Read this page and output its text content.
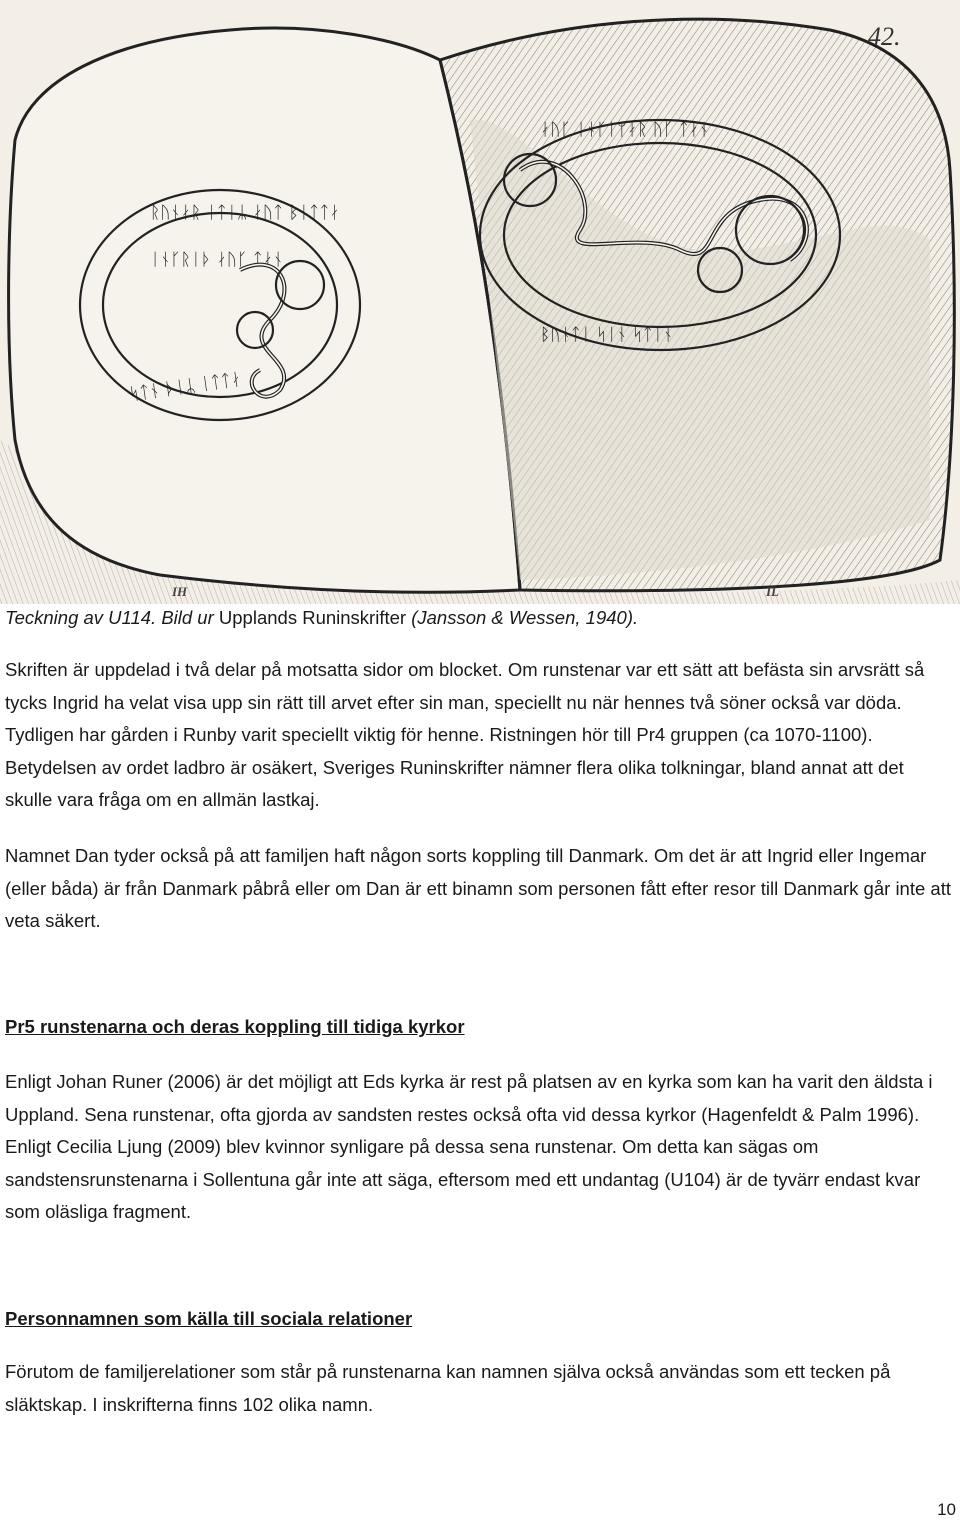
ᚱᚢᚾᛅᚱ ᛁᛏᛁᛦ ᛅᚢᛏ ᛒᛁᛏᛏᛅ
ᛁᚾᚴᚱᛁᚦ ᛅᚢᚴ ᛏᛅᚾ
ᛋᛏᚾ ᚦᛁᛦ ᛁᛏᛏᛅ
ᛅᚢᚴ ᛁᚾᚴᛁᛘᛅᚱ ᚢᚴ ᛏᛅᚾ
ᛒᚢᚾᛏᛁ ᛋᛁᚾ ᛋᛏᛁᚾ
42.
IH	IL
Teckning av U114. Bild ur Upplands Runinskrifter (Jansson & Wessen, 1940).

Skriften är uppdelad i två delar på motsatta sidor om blocket. Om runstenar var ett sätt att befästa sin arvsrätt så tycks Ingrid ha velat visa upp sin rätt till arvet efter sin man, speciellt nu när hennes två söner också var döda. Tydligen har gården i Runby varit speciellt viktig för henne. Ristningen hör till Pr4 gruppen (ca 1070-1100). Betydelsen av ordet ladbro är osäkert, Sveriges Runinskrifter nämner flera olika tolkningar, bland annat att det skulle vara fråga om en allmän lastkaj.

Namnet Dan tyder också på att familjen haft någon sorts koppling till Danmark. Om det är att Ingrid eller Ingemar (eller båda) är från Danmark påbrå eller om Dan är ett binamn som personen fått efter resor till Danmark går inte att veta säkert.

Pr5 runstenarna och deras koppling till tidiga kyrkor

Enligt Johan Runer (2006) är det möjligt att Eds kyrka är rest på platsen av en kyrka som kan ha varit den äldsta i Uppland. Sena runstenar, ofta gjorda av sandsten restes också ofta vid dessa kyrkor (Hagenfeldt & Palm 1996). Enligt Cecilia Ljung (2009) blev kvinnor synligare på dessa sena runstenar. Om detta kan sägas om sandstensrunstenarna i Sollentuna går inte att säga, eftersom med ett undantag (U104) är de tyvärr endast kvar som oläsliga fragment.

Personnamnen som källa till sociala relationer

Förutom de familjerelationer som står på runstenarna kan namnen själva också användas som ett tecken på släktskap. I inskrifterna finns 102 olika namn.

10
